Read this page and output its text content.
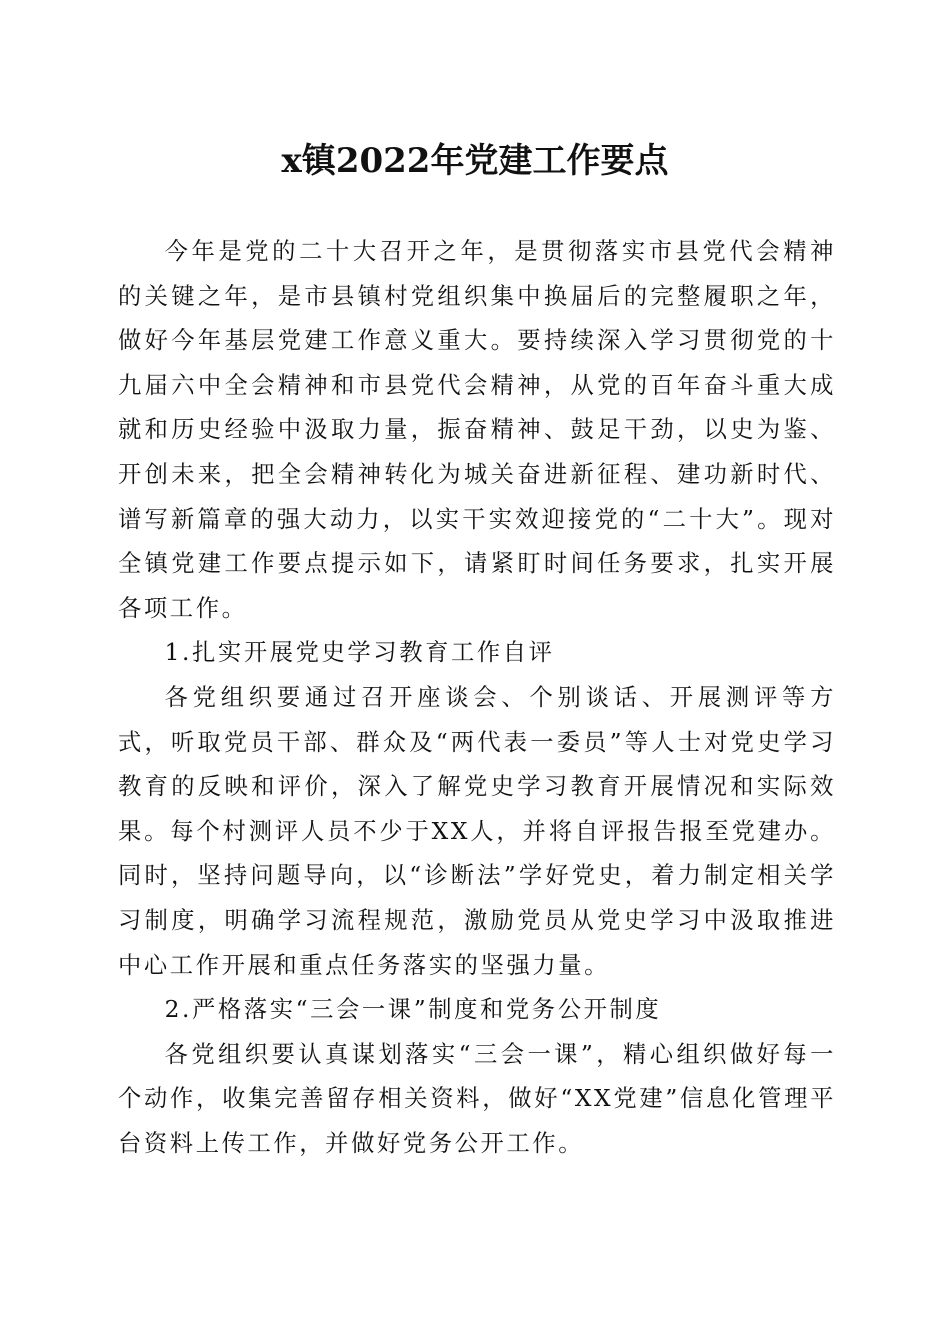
x镇2022年党建工作要点

今年是党的二十大召开之年，是贯彻落实市县党代会精神的关键之年，是市县镇村党组织集中换届后的完整履职之年，做好今年基层党建工作意义重大。要持续深入学习贯彻党的十九届六中全会精神和市县党代会精神，从党的百年奋斗重大成就和历史经验中汲取力量，振奋精神、鼓足干劲，以史为鉴、开创未来，把全会精神转化为城关奋进新征程、建功新时代、谱写新篇章的强大动力，以实干实效迎接党的“二十大”。现对全镇党建工作要点提示如下，请紧盯时间任务要求，扎实开展各项工作。

1.扎实开展党史学习教育工作自评

各党组织要通过召开座谈会、个别谈话、开展测评等方式，听取党员干部、群众及“两代表一委员”等人士对党史学习教育的反映和评价，深入了解党史学习教育开展情况和实际效果。每个村测评人员不少于XX人，并将自评报告报至党建办。同时，坚持问题导向，以“诊断法”学好党史，着力制定相关学习制度，明确学习流程规范，激励党员从党史学习中汲取推进中心工作开展和重点任务落实的坚强力量。

2.严格落实“三会一课”制度和党务公开制度

各党组织要认真谋划落实“三会一课”，精心组织做好每一个动作，收集完善留存相关资料，做好“XX党建”信息化管理平台资料上传工作，并做好党务公开工作。
